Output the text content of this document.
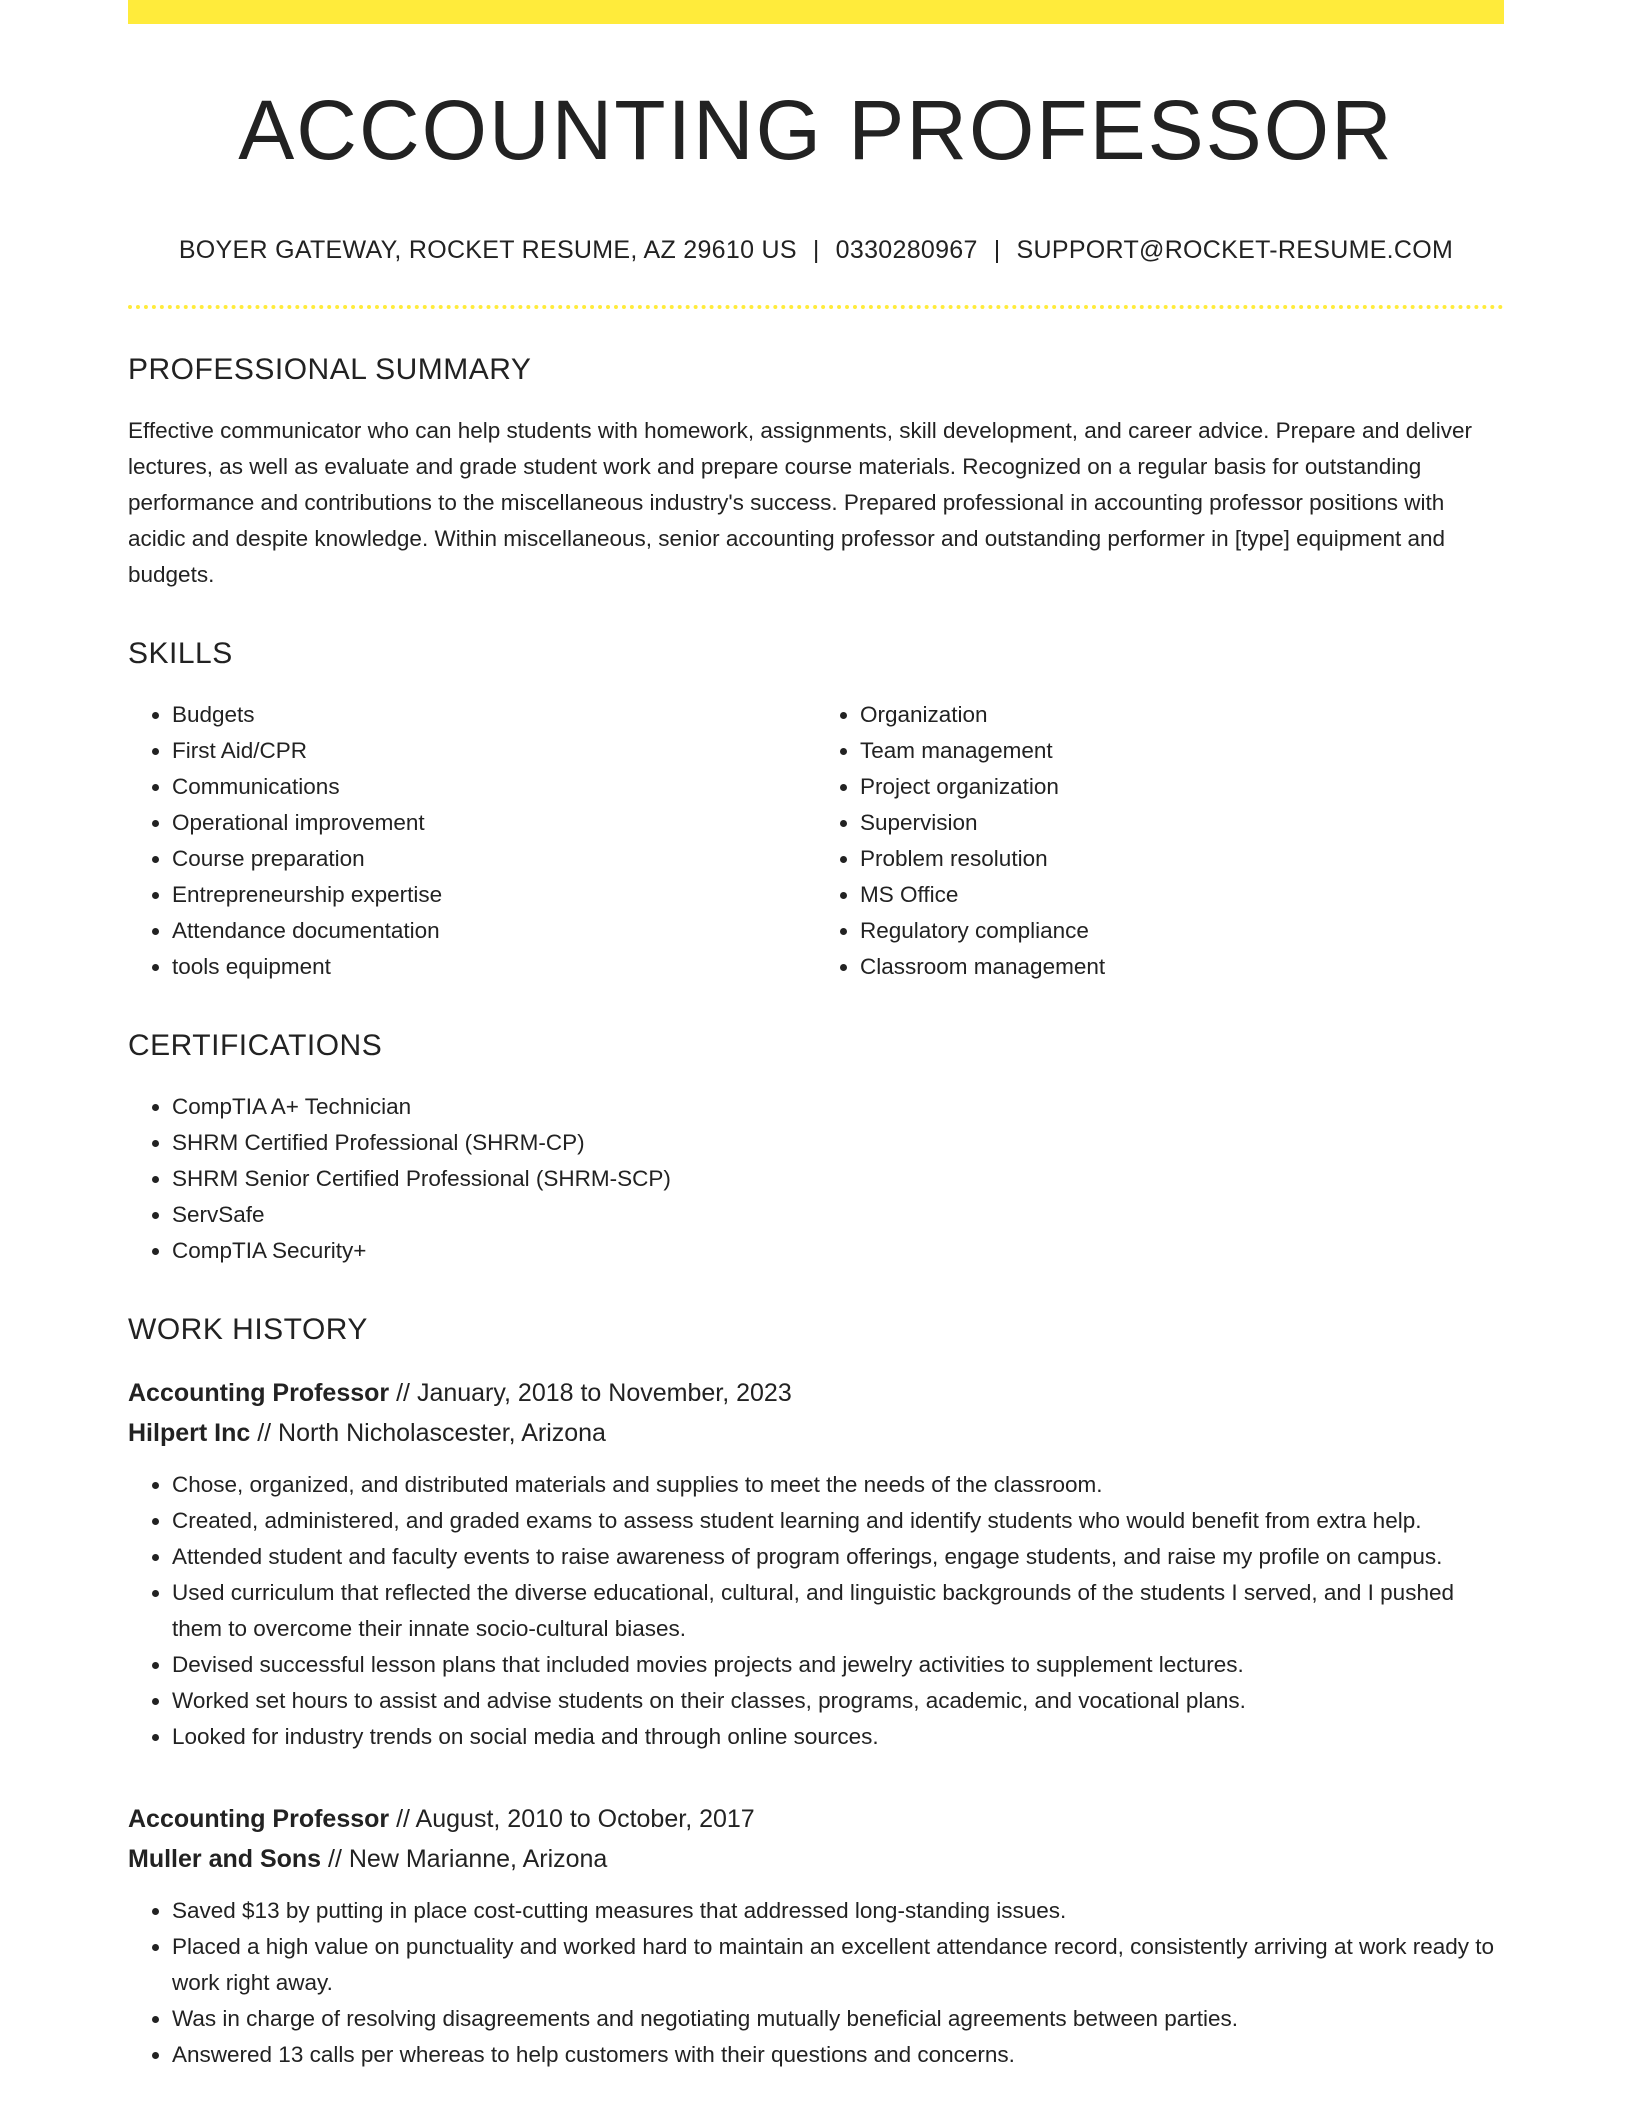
ACCOUNTING PROFESSOR
BOYER GATEWAY, ROCKET RESUME, AZ 29610 US | 0330280967 | SUPPORT@ROCKET-RESUME.COM
PROFESSIONAL SUMMARY

Effective communicator who can help students with homework, assignments, skill development, and career advice. Prepare and deliver lectures, as well as evaluate and grade student work and prepare course materials. Recognized on a regular basis for outstanding performance and contributions to the miscellaneous industry's success. Prepared professional in accounting professor positions with acidic and despite knowledge. Within miscellaneous, senior accounting professor and outstanding performer in [type] equipment and budgets.

SKILLS
• Budgets
• First Aid/CPR
• Communications
• Operational improvement
• Course preparation
• Entrepreneurship expertise
• Attendance documentation
• tools equipment
• Organization
• Team management
• Project organization
• Supervision
• Problem resolution
• MS Office
• Regulatory compliance
• Classroom management
CERTIFICATIONS
• CompTIA A+ Technician
• SHRM Certified Professional (SHRM-CP)
• SHRM Senior Certified Professional (SHRM-SCP)
• ServSafe
• CompTIA Security+
WORK HISTORY
Accounting Professor // January, 2018 to November, 2023
Hilpert Inc // North Nicholascester, Arizona
• Chose, organized, and distributed materials and supplies to meet the needs of the classroom.
• Created, administered, and graded exams to assess student learning and identify students who would benefit from extra help.
• Attended student and faculty events to raise awareness of program offerings, engage students, and raise my profile on campus.
• Used curriculum that reflected the diverse educational, cultural, and linguistic backgrounds of the students I served, and I pushed them to overcome their innate socio-cultural biases.
• Devised successful lesson plans that included movies projects and jewelry activities to supplement lectures.
• Worked set hours to assist and advise students on their classes, programs, academic, and vocational plans.
• Looked for industry trends on social media and through online sources.
Accounting Professor // August, 2010 to October, 2017
Muller and Sons // New Marianne, Arizona
• Saved $13 by putting in place cost-cutting measures that addressed long-standing issues.
• Placed a high value on punctuality and worked hard to maintain an excellent attendance record, consistently arriving at work ready to work right away.
• Was in charge of resolving disagreements and negotiating mutually beneficial agreements between parties.
• Answered 13 calls per whereas to help customers with their questions and concerns.
